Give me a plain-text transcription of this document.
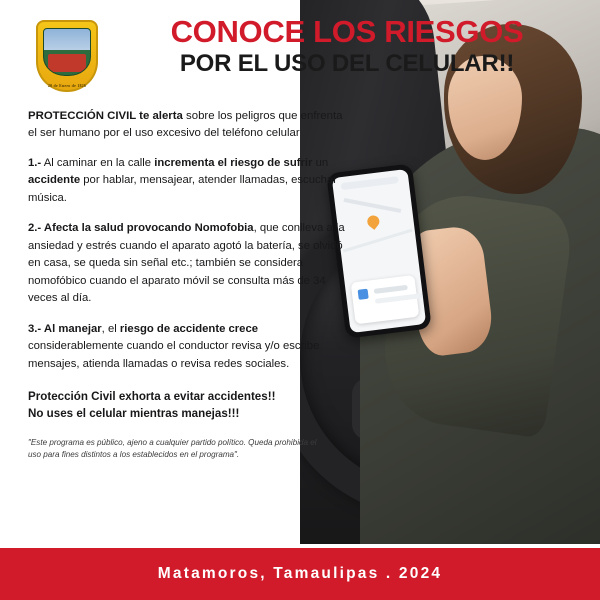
20 de Enero de 1826
CONOCE LOS RIESGOS
POR EL USO DEL CELULAR!!
PROTECCIÓN CIVIL te alerta sobre los peligros que enfrenta el ser humano por el uso excesivo del teléfono celular
1.- Al caminar en la calle incrementa el riesgo de sufrir un accidente por hablar, mensajear, atender llamadas, escuchar música.
2.- Afecta la salud provocando Nomofobia, que conlleva a la ansiedad y estrés cuando el aparato agotó la batería, se olvidó en casa, se queda sin señal etc.; también se considera nomofóbico cuando el aparato móvil se consulta más de 34 veces al día.
3.- Al manejar, el riesgo de accidente crece considerablemente cuando el conductor revisa y/o escribe mensajes, atienda llamadas o revisa redes sociales.
Protección Civil exhorta a evitar accidentes!!
No uses el celular mientras manejas!!!
"Este programa es público, ajeno a cualquier partido político. Queda prohibida el uso para fines distintos a los establecidos en el programa".
Matamoros, Tamaulipas . 2024
